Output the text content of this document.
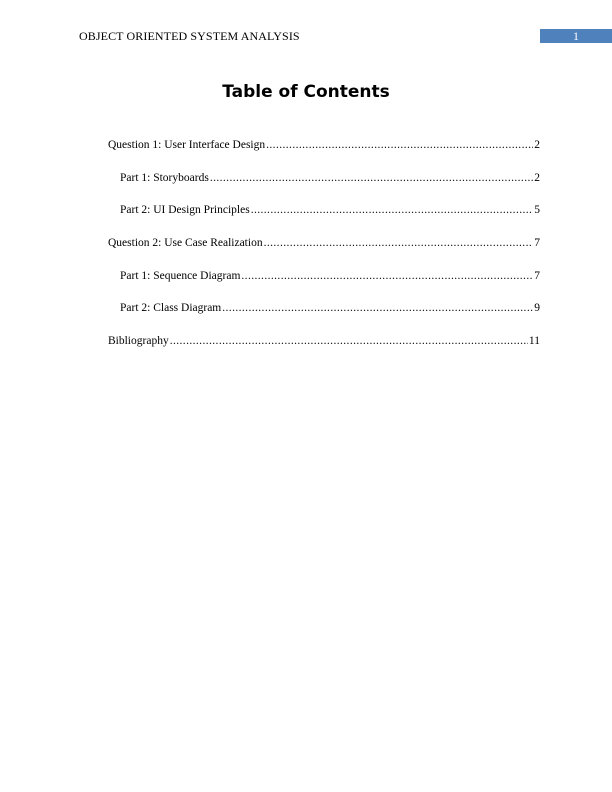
OBJECT ORIENTED SYSTEM ANALYSIS	1
Table of Contents
Question 1: User Interface Design .....	2
Part 1: Storyboards .....	2
Part 2: UI Design Principles .....	5
Question 2: Use Case Realization .....	7
Part 1: Sequence Diagram .....	7
Part 2: Class Diagram .....	9
Bibliography .....	11
